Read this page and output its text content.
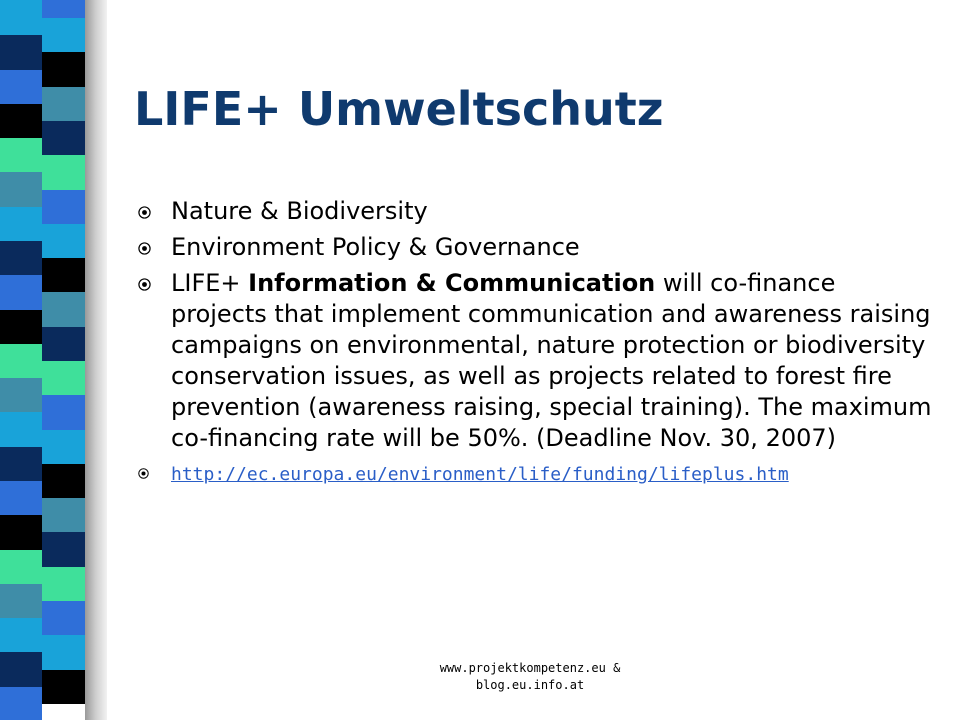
LIFE+ Umweltschutz
Nature & Biodiversity
Environment Policy & Governance
LIFE+ Information & Communication will co-finance projects that implement communication and awareness raising campaigns on environmental, nature protection or biodiversity conservation issues, as well as projects related to forest fire prevention (awareness raising, special training). The maximum co-financing rate will be 50%. (Deadline Nov. 30, 2007)
http://ec.europa.eu/environment/life/funding/lifeplus.htm
www.projektkompetenz.eu &
blog.eu.info.at
